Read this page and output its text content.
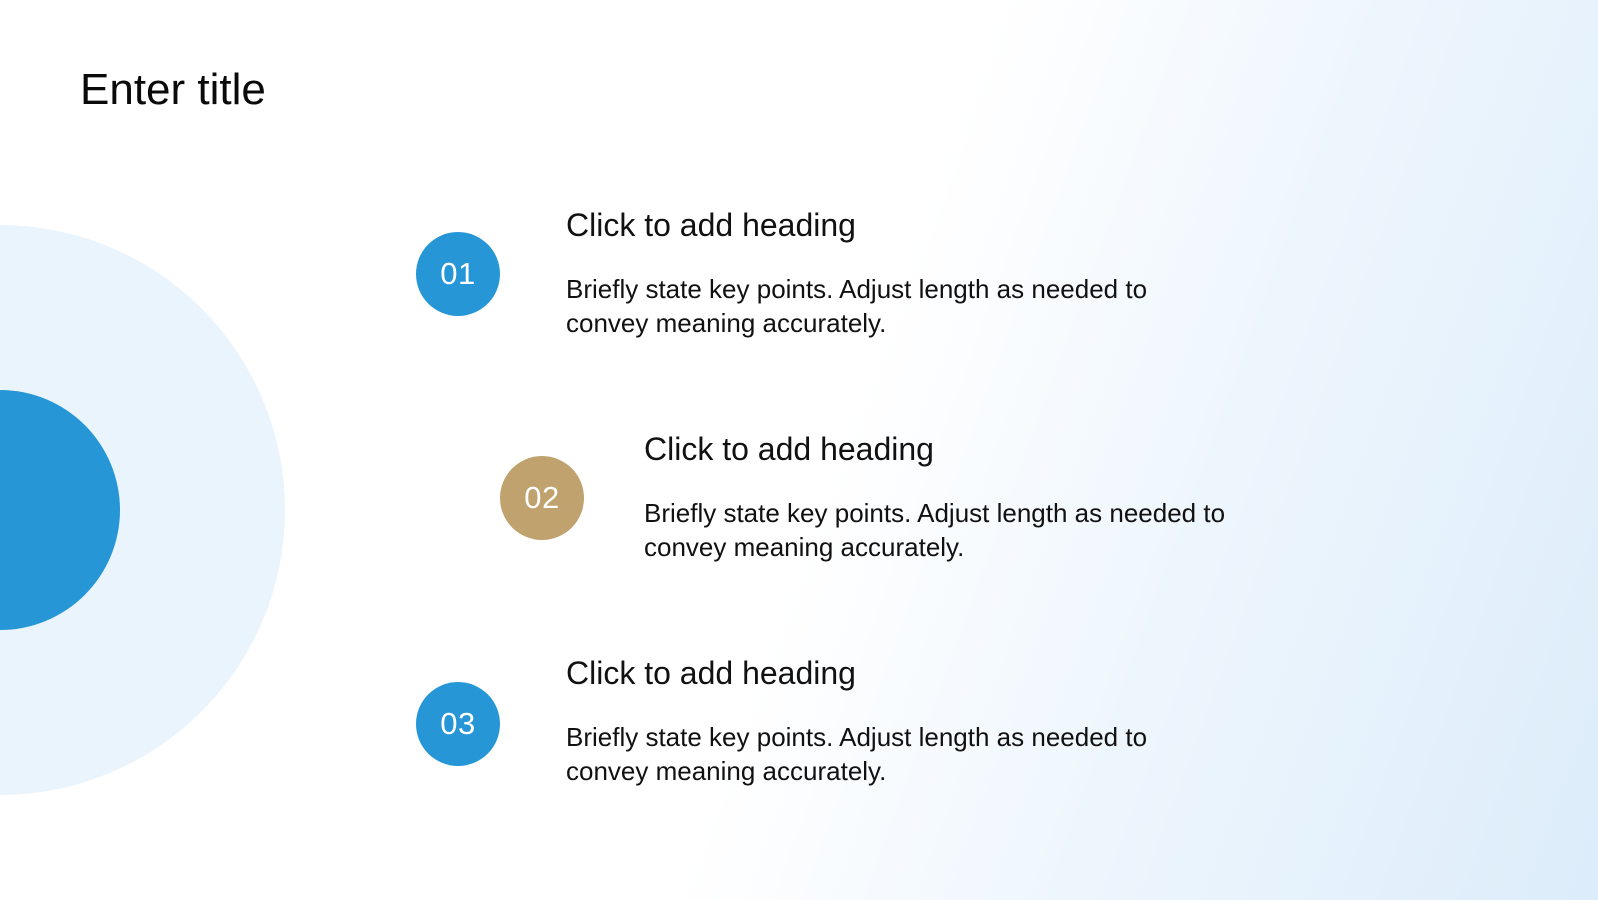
Enter title
01
Click to add heading
Briefly state key points. Adjust length as needed to convey meaning accurately.
02
Click to add heading
Briefly state key points. Adjust length as needed to convey meaning accurately.
03
Click to add heading
Briefly state key points. Adjust length as needed to convey meaning accurately.
